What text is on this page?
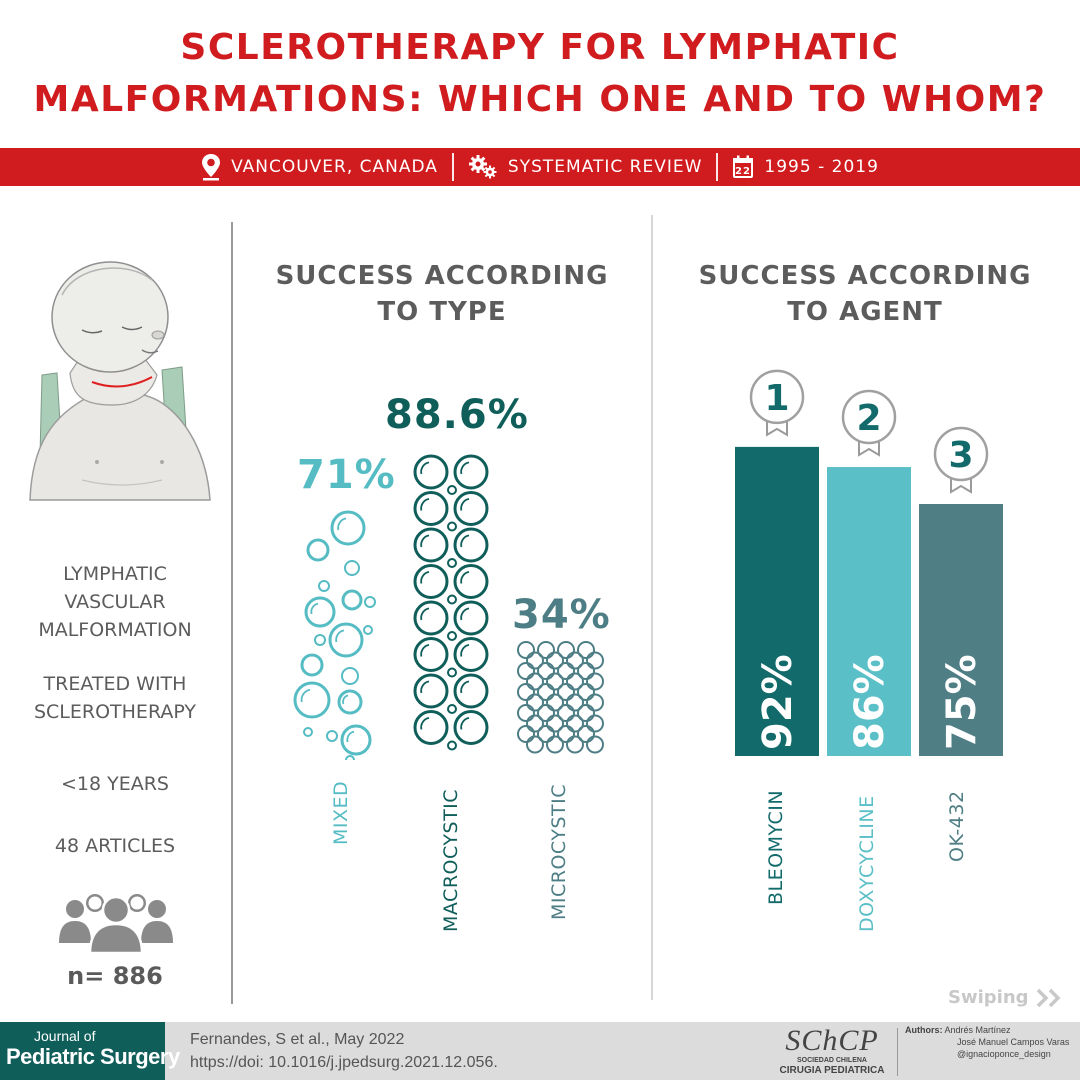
SCLEROTHERAPY FOR LYMPHATIC
MALFORMATIONS: WHICH ONE AND TO WHOM?
VANCOUVER, CANADA	SYSTEMATIC REVIEW	22 1995 - 2019
LYMPHATIC
VASCULAR
MALFORMATION
TREATED WITH
SCLEROTHERAPY
<18 YEARS
48 ARTICLES
n= 886
SUCCESS ACCORDING
TO TYPE
71%
88.6%
34%
MIXED	MACROCYSTIC	MICROCYSTIC
SUCCESS ACCORDING
TO AGENT
92%
1
86%
2
75%
3
BLEOMYCIN	DOXYCYCLINE	OK-432
Swiping
Journal of
Pediatric Surgery
Fernandes, S et al., May 2022
https://doi: 10.1016/j.jpedsurg.2021.12.056.
SChCP
SOCIEDAD CHILENA
CIRUGIA PEDIATRICA
Authors: Andrés Martínez
José Manuel Campos Varas
@ignacioponce_design
